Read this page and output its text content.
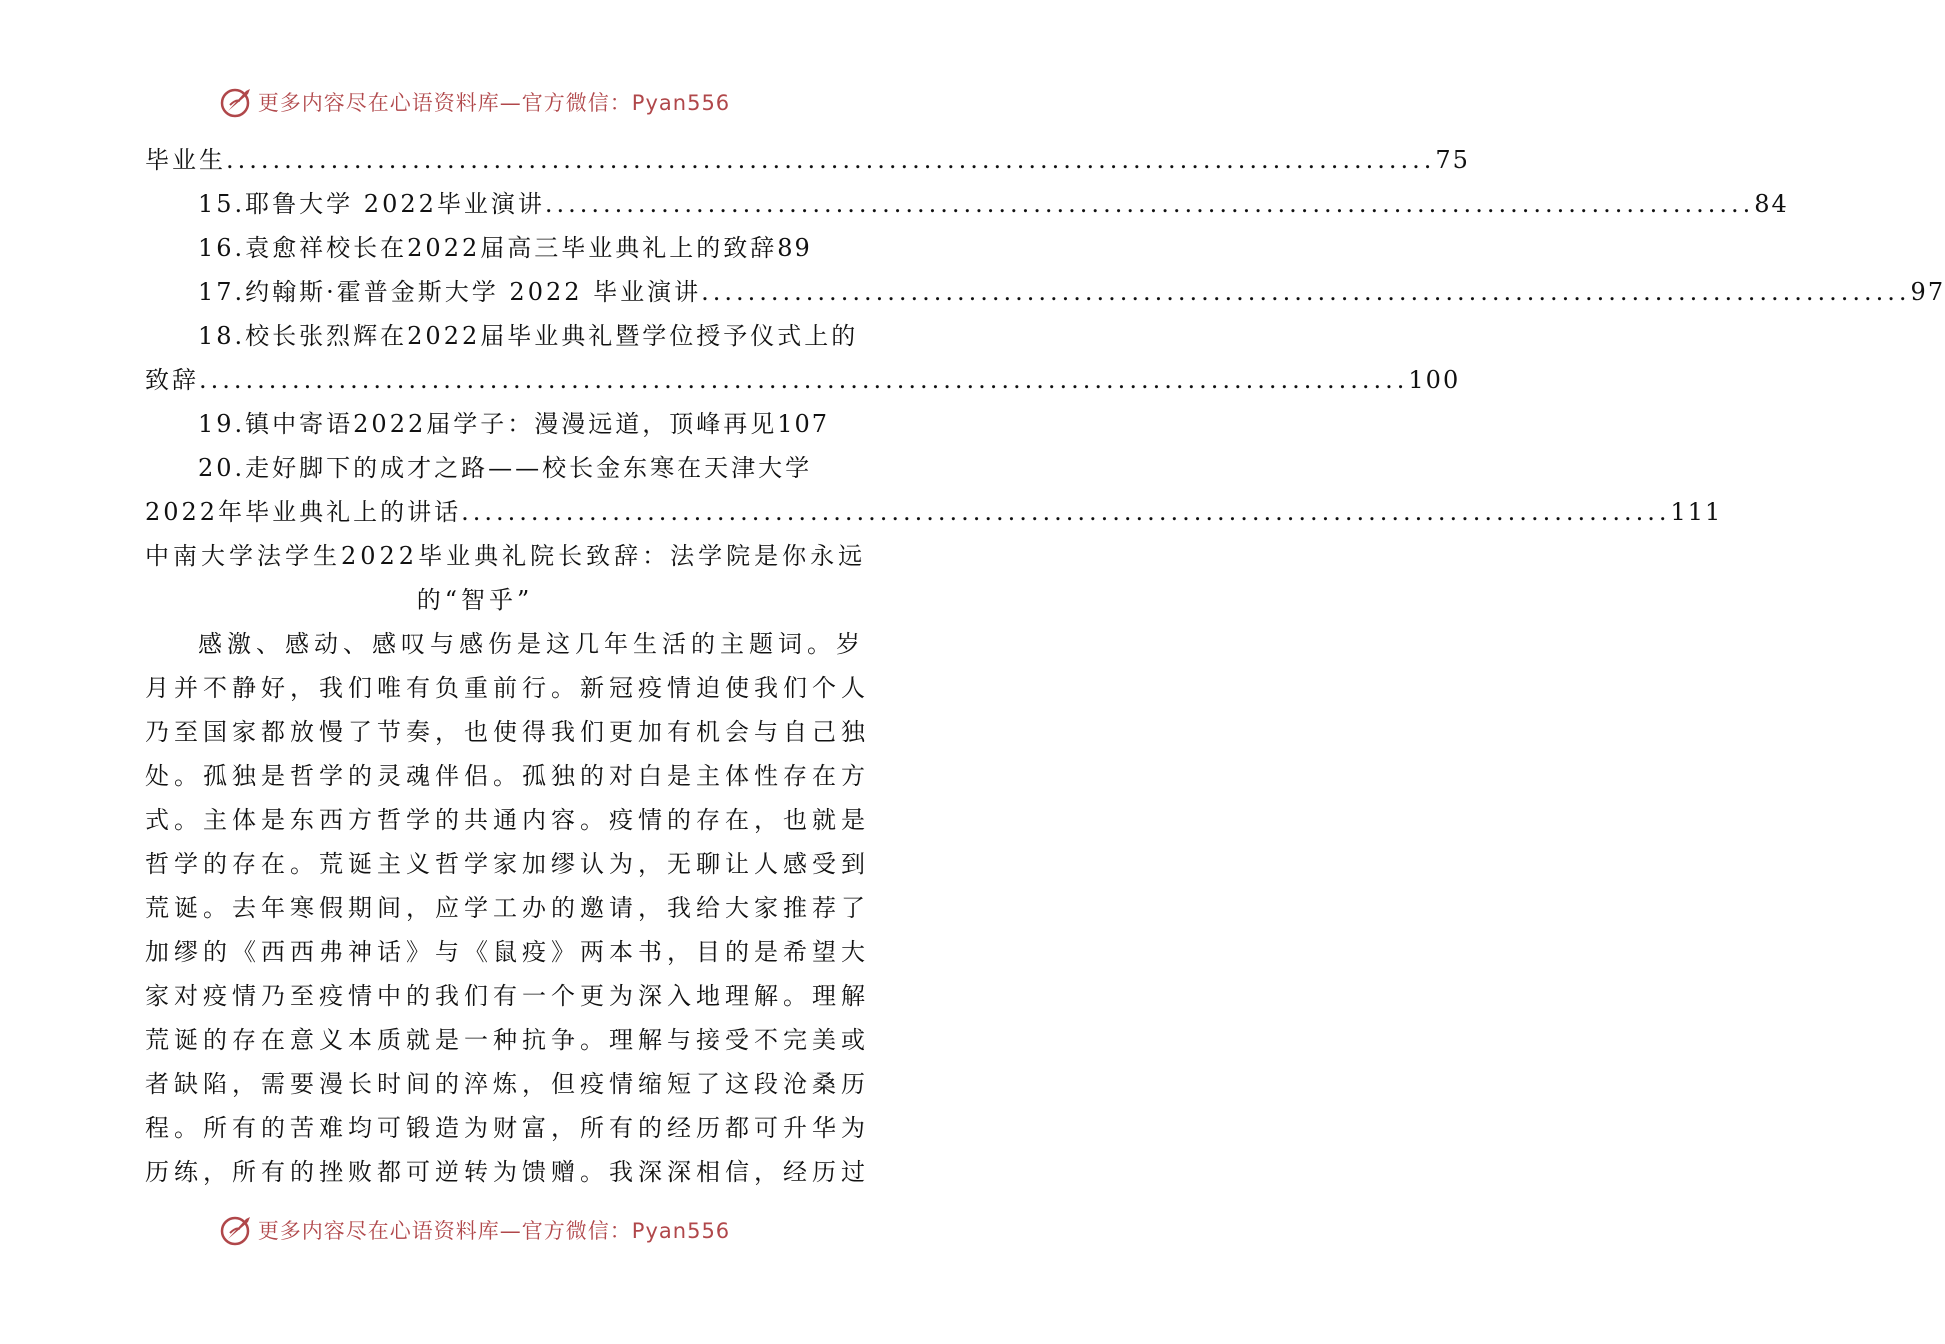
更多内容尽在心语资料库—官方微信：Pyan556
毕业生 .....	75
15.耶鲁大学 2022毕业演讲 .....	84
16.袁愈祥校长在2022届高三毕业典礼上的致辞 89
17.约翰斯·霍普金斯大学 2022 毕业演讲 .....	97
18.校长张烈辉在2022届毕业典礼暨学位授予仪式上的
致辞 .....	100
19.镇中寄语2022届学子：漫漫远道，顶峰再见 107
20.走好脚下的成才之路——校长金东寒在天津大学
2022年毕业典礼上的讲话 .....	111
中南大学法学生2022毕业典礼院长致辞：法学院是你永远
的“智乎”
感激、感动、感叹与感伤是这几年生活的主题词。岁
月并不静好，我们唯有负重前行。新冠疫情迫使我们个人
乃至国家都放慢了节奏，也使得我们更加有机会与自己独
处。孤独是哲学的灵魂伴侣。孤独的对白是主体性存在方
式。主体是东西方哲学的共通内容。疫情的存在，也就是
哲学的存在。荒诞主义哲学家加缪认为，无聊让人感受到
荒诞。去年寒假期间，应学工办的邀请，我给大家推荐了
加缪的《西西弗神话》与《鼠疫》两本书，目的是希望大
家对疫情乃至疫情中的我们有一个更为深入地理解。理解
荒诞的存在意义本质就是一种抗争。理解与接受不完美或
者缺陷，需要漫长时间的淬炼，但疫情缩短了这段沧桑历
程。所有的苦难均可锻造为财富，所有的经历都可升华为
历练，所有的挫败都可逆转为馈赠。我深深相信，经历过
更多内容尽在心语资料库—官方微信：Pyan556
